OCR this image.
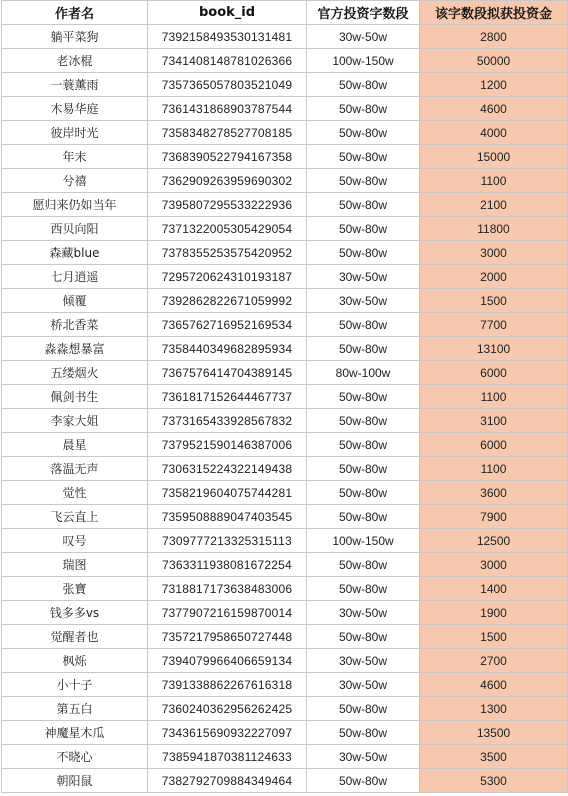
作者名	book_id	官方投资字数段	该字数段拟获投资金
躺平菜狗	7392158493530131481	30w-50w	2800
老冰棍	7341408148781026366	100w-150w	50000
一蓑薰雨	7357365057803521049	50w-80w	1200
木易华庭	7361431868903787544	50w-80w	4600
彼岸时光	7358348278527708185	50w-80w	4000
年末	7368390522794167358	50w-80w	15000
兮禧	7362909263959690302	50w-80w	1100
愿归来仍如当年	7395807295533222936	50w-80w	2100
西贝向阳	7371322005305429054	50w-80w	11800
森藏blue	7378355253575420952	50w-80w	3000
七月逍遥	7295720624310193187	30w-50w	2000
倾覆	7392862822671059992	30w-50w	1500
桥北香菜	7365762716952169534	50w-80w	7700
淼淼想暴富	7358440349682895934	50w-80w	13100
五缕烟火	7367576414704389145	80w-100w	6000
佩剑书生	7361817152644467737	50w-80w	1100
李家大姐	7373165433928567832	50w-80w	3100
晨星	7379521590146387006	50w-80w	6000
落温无声	7306315224322149438	50w-80w	1100
觉性	7358219604075744281	50w-80w	3600
飞云直上	7359508889047403545	50w-80w	7900
叹号	7309777213325315113	100w-150w	12500
瑞图	7363311938081672254	50w-80w	3000
张寶	7318817173638483006	50w-80w	1400
钱多多vs	7377907216159870014	30w-50w	1900
觉醒者也	7357217958650727448	50w-80w	1500
枫烁	7394079966406659134	30w-50w	2700
小十子	7391338862267616318	30w-50w	4600
第五白	7360240362956262425	50w-80w	1300
神魔星木瓜	7343615690932227097	50w-80w	13500
不晓心	7385941870381124633	30w-50w	3500
朝阳鼠	7382792709884349464	50w-80w	5300
